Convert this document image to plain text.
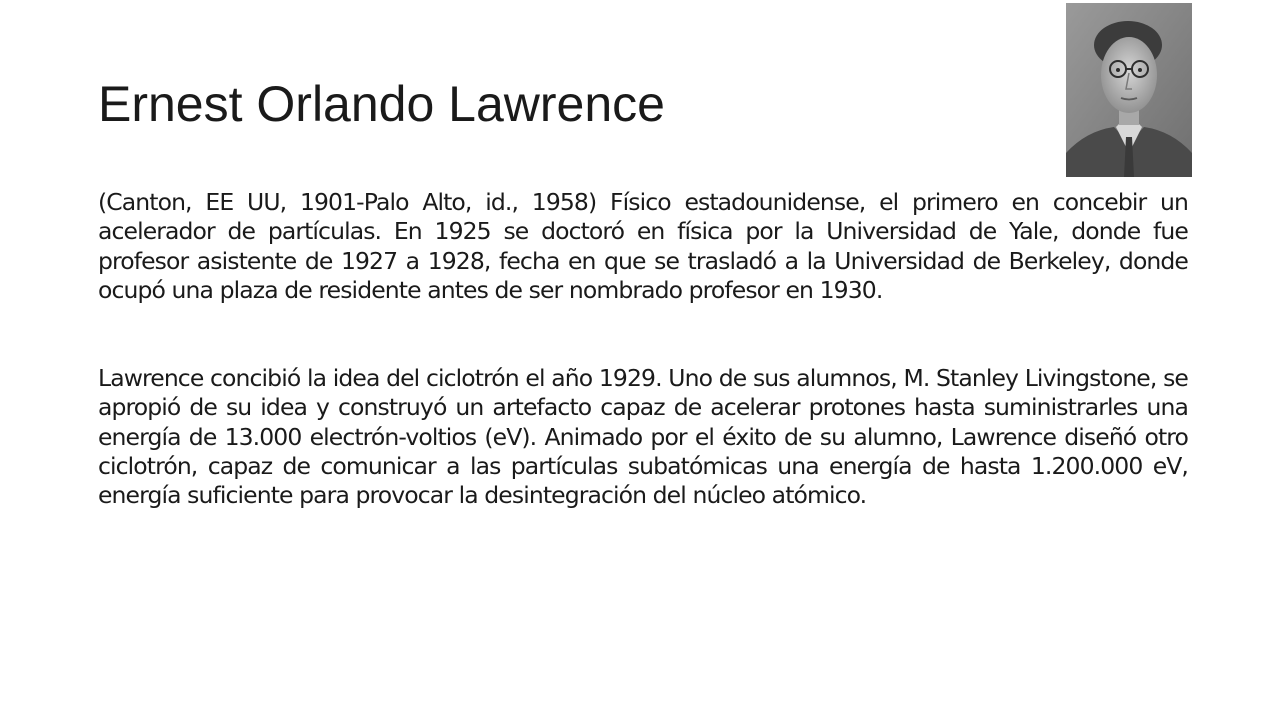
Ernest Orlando Lawrence

(Canton, EE UU, 1901-Palo Alto, id., 1958) Físico estadounidense, el primero en concebir un acelerador de partículas. En 1925 se doctoró en física por la Universidad de Yale, donde fue profesor asistente de 1927 a 1928, fecha en que se trasladó a la Universidad de Berkeley, donde ocupó una plaza de residente antes de ser nombrado profesor en 1930.

Lawrence concibió la idea del ciclotrón el año 1929. Uno de sus alumnos, M. Stanley Livingstone, se apropió de su idea y construyó un artefacto capaz de acelerar protones hasta suministrarles una energía de 13.000 electrón-voltios (eV). Animado por el éxito de su alumno, Lawrence diseñó otro ciclotrón, capaz de comunicar a las partículas subatómicas una energía de hasta 1.200.000 eV, energía suficiente para provocar la desintegración del núcleo atómico.
